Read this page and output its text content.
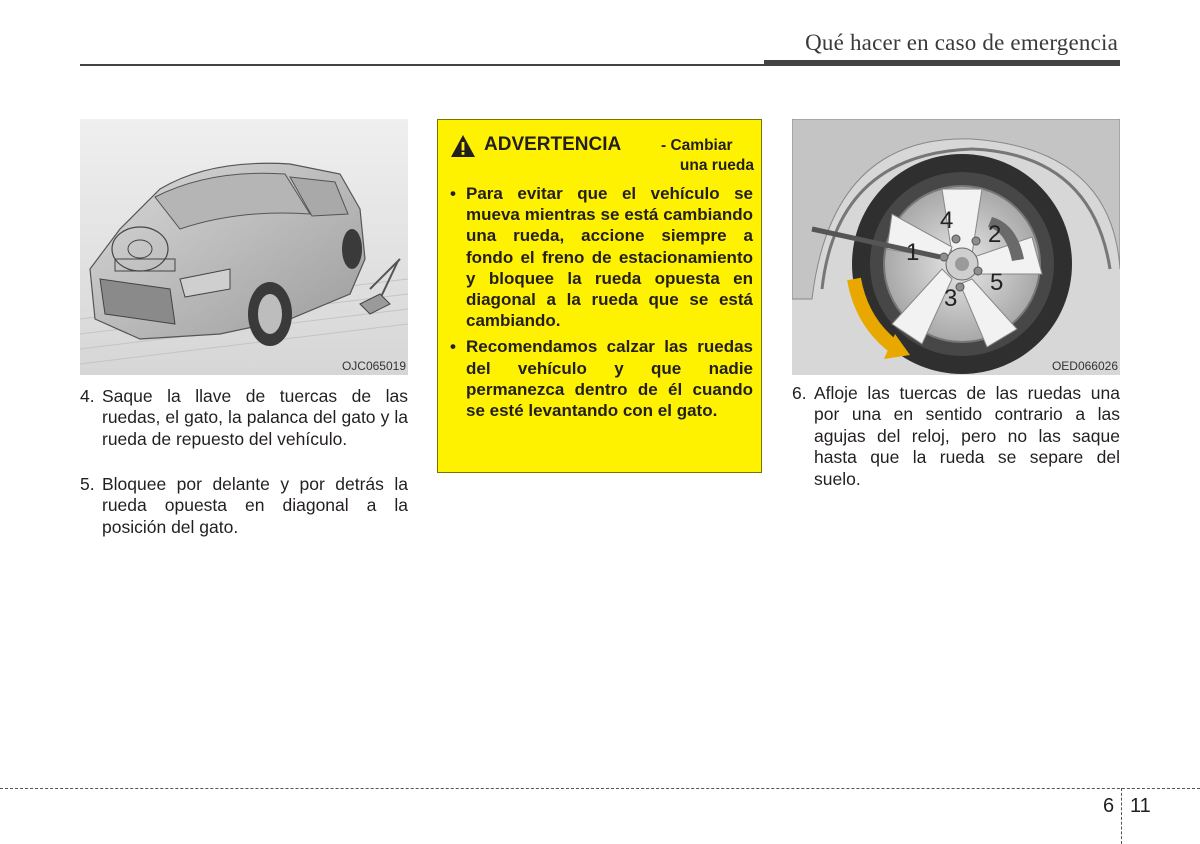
Qué hacer en caso de emergencia
OJC065019
4. Saque la llave de tuercas de las ruedas, el gato, la palanca del gato y la rueda de repuesto del vehículo.
5. Bloquee por delante y por detrás la rueda opuesta en diagonal a la posición del gato.
ADVERTENCIA	- Cambiar
una rueda
• Para evitar que el vehículo se mueva mientras se está cambiando una rueda, accione siempre a fondo el freno de estacionamiento y bloquee la rueda opuesta en diagonal a la rueda que se está cambiando.
• Recomendamos calzar las ruedas del vehículo y que nadie permanezca dentro de él cuando se esté levantando con el gato.
1
2
3
4
5
OED066026
6. Afloje las tuercas de las ruedas una por una en sentido contrario a las agujas del reloj, pero no las saque hasta que la rueda se separe del suelo.
6 11
